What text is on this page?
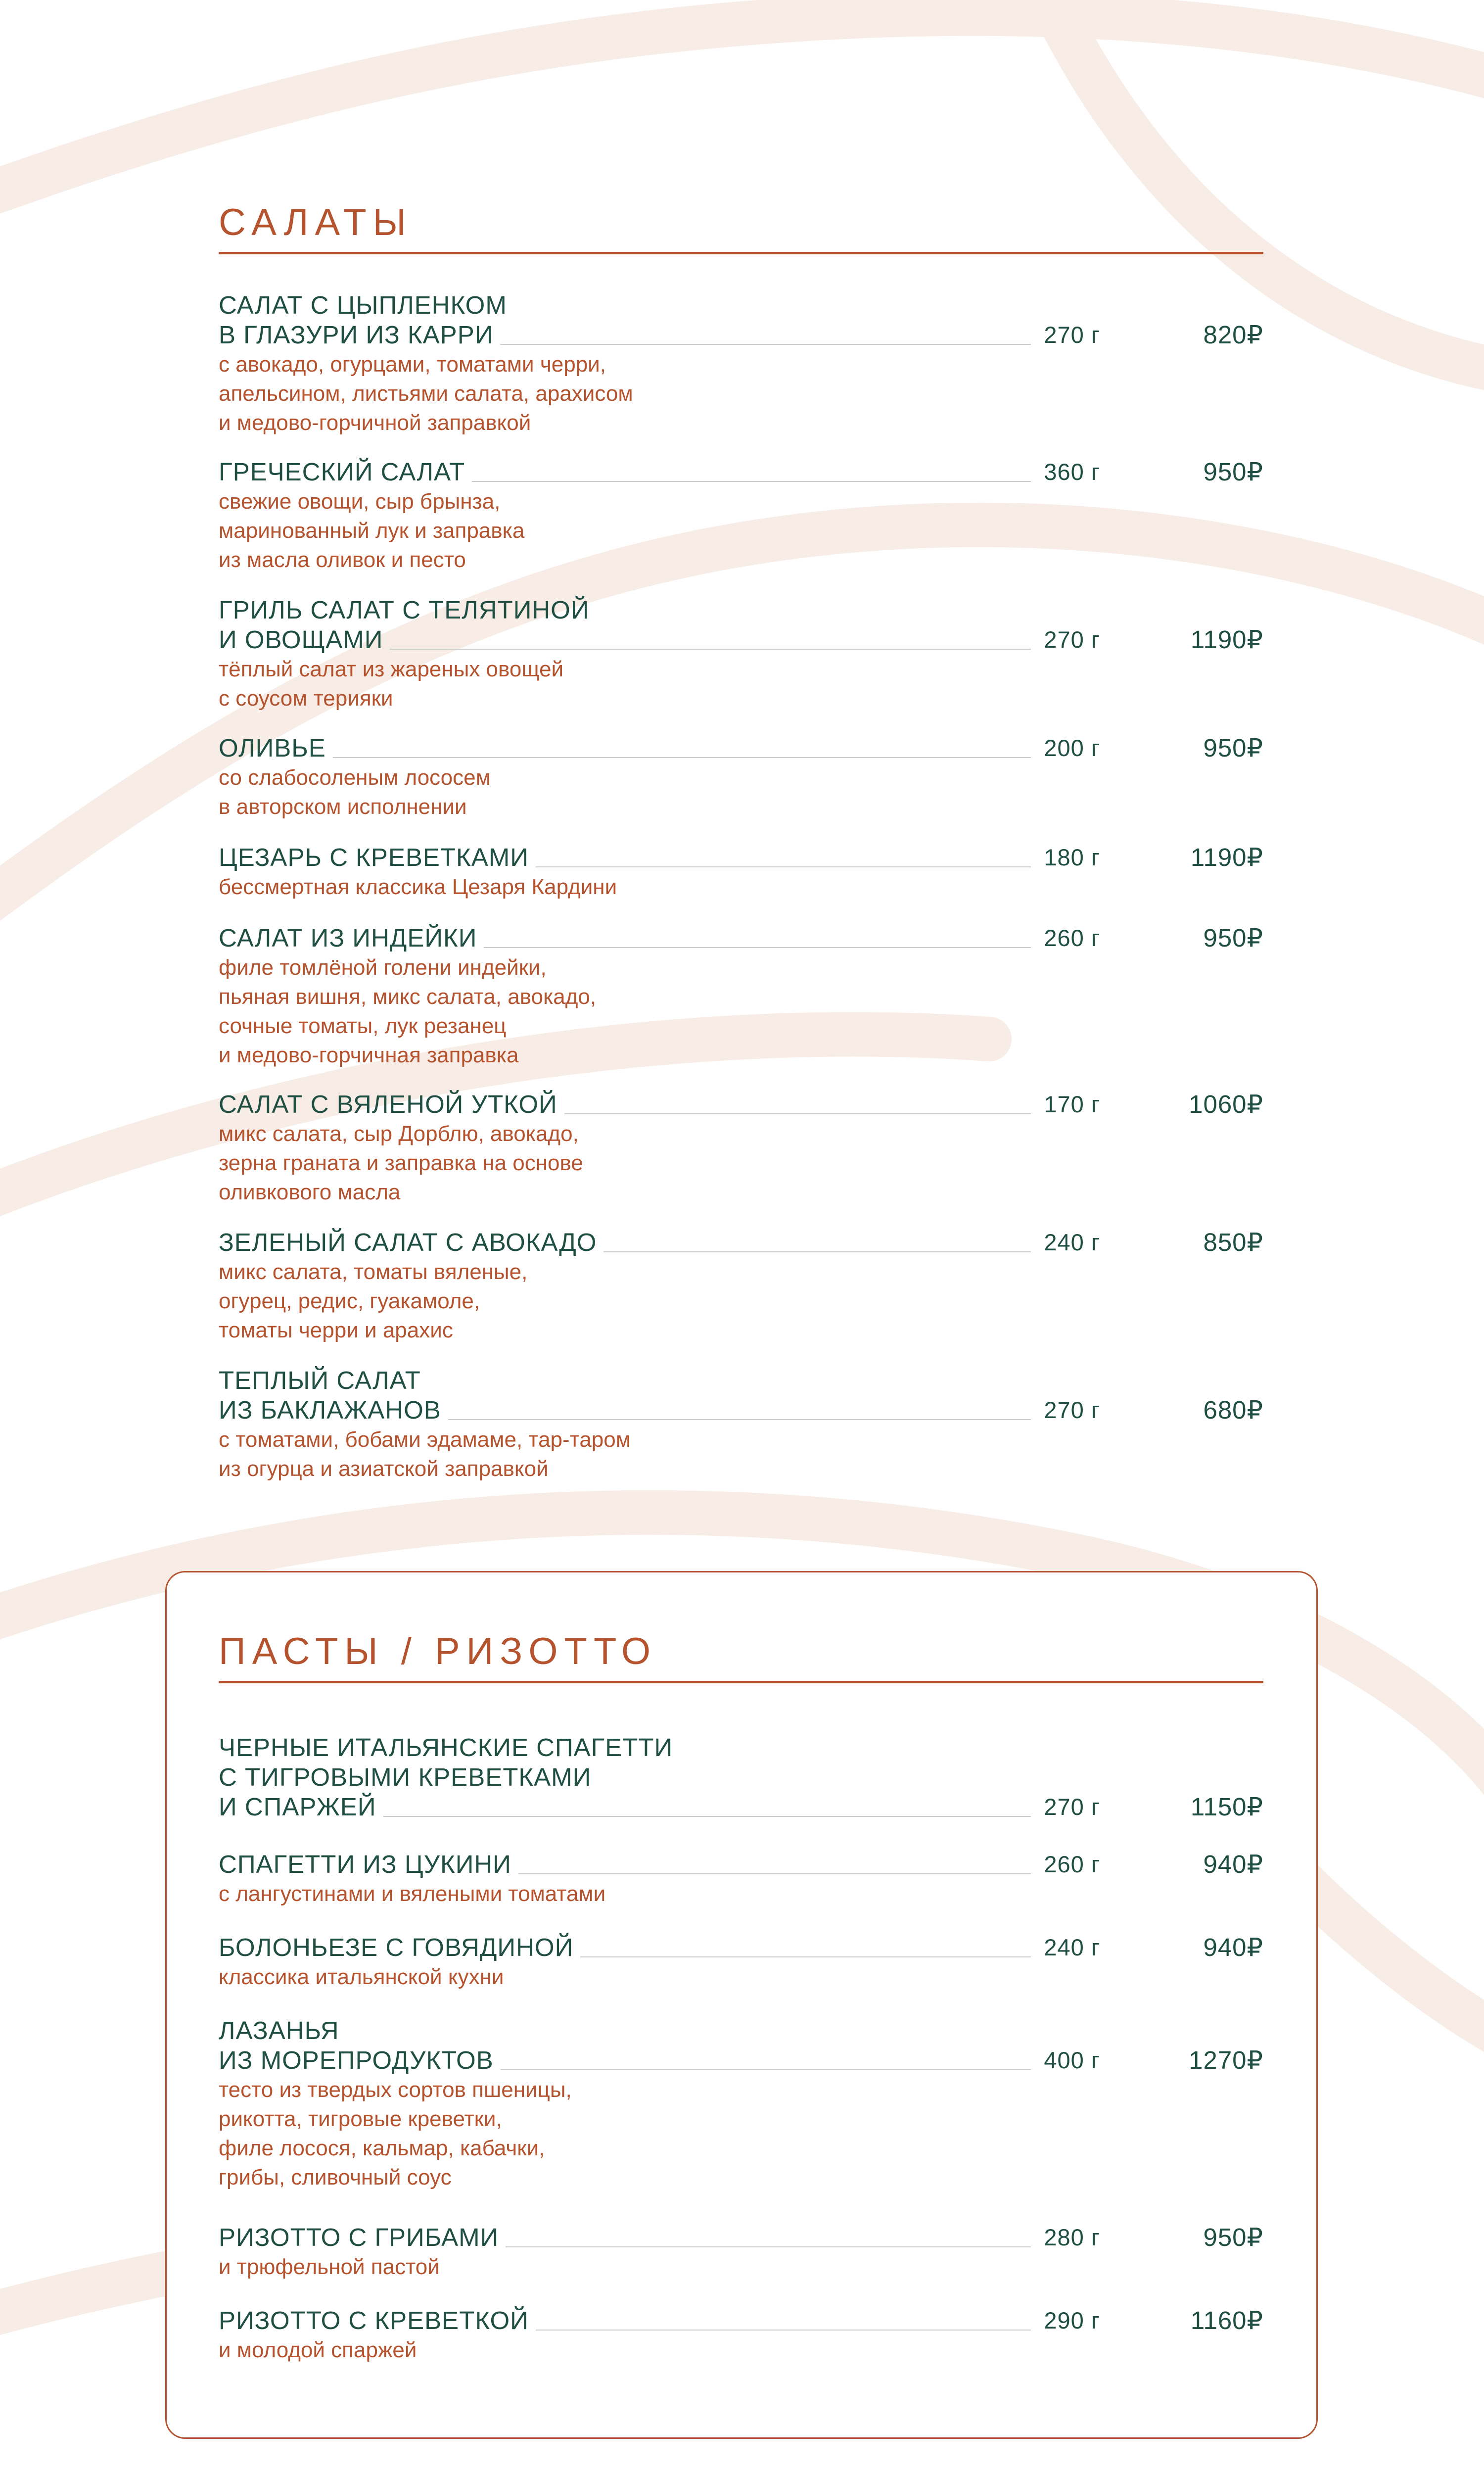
САЛАТЫ

САЛАТ С ЦЫПЛЕНКОМ

В ГЛАЗУРИ ИЗ КАРРИ	270 г	820₽

с авокадо, огурцами, томатами черри,

апельсином, листьями салата, арахисом

и медово-горчичной заправкой

ГРЕЧЕСКИЙ САЛАТ	360 г	950₽

свежие овощи, сыр брынза,

маринованный лук и заправка

из масла оливок и песто

ГРИЛЬ САЛАТ С ТЕЛЯТИНОЙ

И ОВОЩАМИ	270 г	1190₽

тёплый салат из жареных овощей

с соусом терияки

ОЛИВЬЕ	200 г	950₽

со слабосоленым лососем

в авторском исполнении

ЦЕЗАРЬ С КРЕВЕТКАМИ	180 г	1190₽

бессмертная классика Цезаря Кардини

САЛАТ ИЗ ИНДЕЙКИ	260 г	950₽

филе томлёной голени индейки,

пьяная вишня, микс салата, авокадо,

сочные томаты, лук резанец

и медово-горчичная заправка

САЛАТ С ВЯЛЕНОЙ УТКОЙ	170 г	1060₽

микс салата, сыр Дорблю, авокадо,

зерна граната и заправка на основе

оливкового масла

ЗЕЛЕНЫЙ САЛАТ С АВОКАДО	240 г	850₽

микс салата, томаты вяленые,

огурец, редис, гуакамоле,

томаты черри и арахис

ТЕПЛЫЙ САЛАТ

ИЗ БАКЛАЖАНОВ	270 г	680₽

с томатами, бобами эдамаме, тар-таром

из огурца и азиатской заправкой

ПАСТЫ / РИЗОТТО

ЧЕРНЫЕ ИТАЛЬЯНСКИЕ СПАГЕТТИ

С ТИГРОВЫМИ КРЕВЕТКАМИ

И СПАРЖЕЙ	270 г	1150₽
СПАГЕТТИ ИЗ ЦУКИНИ	260 г	940₽

с лангустинами и вялеными томатами

БОЛОНЬЕЗЕ С ГОВЯДИНОЙ	240 г	940₽

классика итальянской кухни

ЛАЗАНЬЯ

ИЗ МОРЕПРОДУКТОВ	400 г	1270₽

тесто из твердых сортов пшеницы,

рикотта, тигровые креветки,

филе лосося, кальмар, кабачки,

грибы, сливочный соус

РИЗОТТО С ГРИБАМИ	280 г	950₽

и трюфельной пастой

РИЗОТТО С КРЕВЕТКОЙ	290 г	1160₽

и молодой спаржей
